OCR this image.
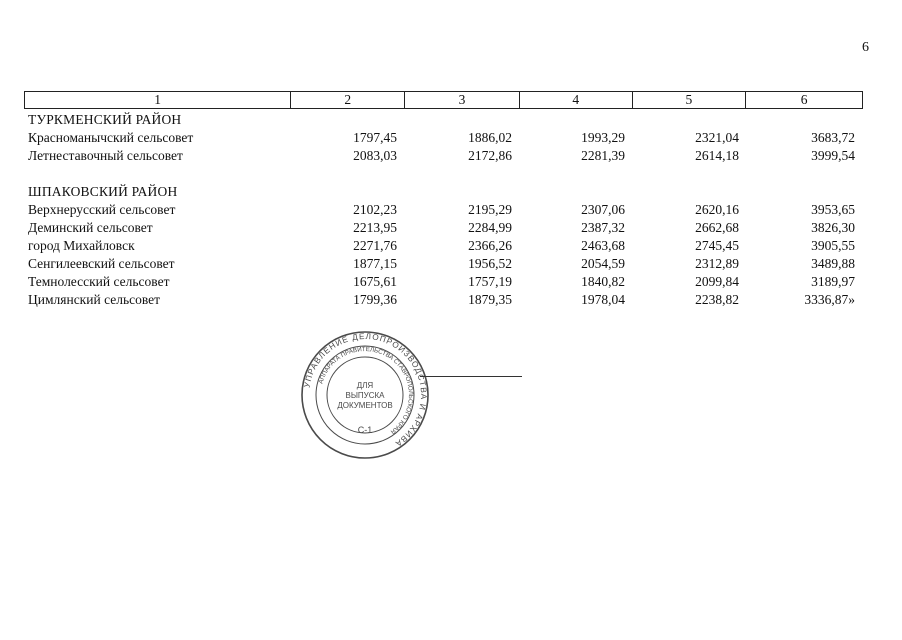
6
1	2	3	4	5	6
ТУРКМЕНСКИЙ РАЙОН
Красноманычский сельсовет	1797,45	1886,02	1993,29	2321,04	3683,72
Летнеставочный сельсовет	2083,03	2172,86	2281,39	2614,18	3999,54
ШПАКОВСКИЙ РАЙОН
Верхнерусский сельсовет	2102,23	2195,29	2307,06	2620,16	3953,65
Деминский сельсовет	2213,95	2284,99	2387,32	2662,68	3826,30
город Михайловск	2271,76	2366,26	2463,68	2745,45	3905,55
Сенгилеевский сельсовет	1877,15	1956,52	2054,59	2312,89	3489,88
Темнолесский сельсовет	1675,61	1757,19	1840,82	2099,84	3189,97
Цимлянский сельсовет	1799,36	1879,35	1978,04	2238,82	3336,87»
УПРАВЛЕНИЕ ДЕЛОПРОИЗВОДСТВА И АРХИВА
АППАРАТА ПРАВИТЕЛЬСТВА СТАВРОПОЛЬСКОГО КРАЯ
ДЛЯ
ВЫПУСКА
ДОКУМЕНТОВ
С-1
